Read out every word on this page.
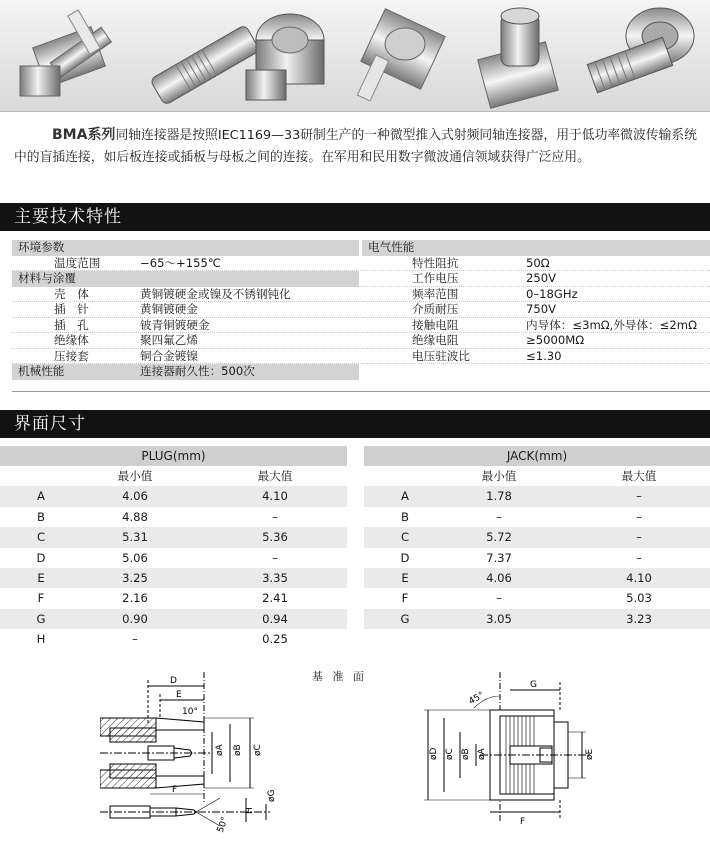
BMA系列同轴连接器是按照IEC1169—33研制生产的一种微型推入式射频同轴连接器，用于低功率微波传输系统中的盲插连接，如后板连接或插板与母板之间的连接。在军用和民用数字微波通信领域获得广泛应用。

主要技术特性
环境参数
温度范围	−65～+155℃
材料与涂覆
壳　体	黄铜镀硬金或镍及不锈钢钝化
插　针	黄铜镀硬金
插　孔	铍青铜镀硬金
绝缘体	聚四氟乙烯
压接套	铜合金镀镍
机械性能	连接器耐久性：500次
电气性能
特性阻抗	50Ω
工作电压	250V
频率范围	0–18GHz
介质耐压	750V
接触电阻	内导体：≤3mΩ,外导体：≤2mΩ
绝缘电阻	≥5000MΩ
电压驻波比	≤1.30
界面尺寸
PLUG(mm)
最小值	最大值
A	4.06	4.10
B	4.88	–
C	5.31	5.36
D	5.06	–
E	3.25	3.35
F	2.16	2.41
G	0.90	0.94
H	–	0.25
JACK(mm)
最小值	最大值
A	1.78	–
B	–	–
C	5.72	–
D	7.37	–
E	4.06	4.10
F	–	5.03
G	3.05	3.23
基 准 面
D
E
10°
øA øB øC
F
50°
H
øG
G
45°
øD øC øB øA	øE
F
